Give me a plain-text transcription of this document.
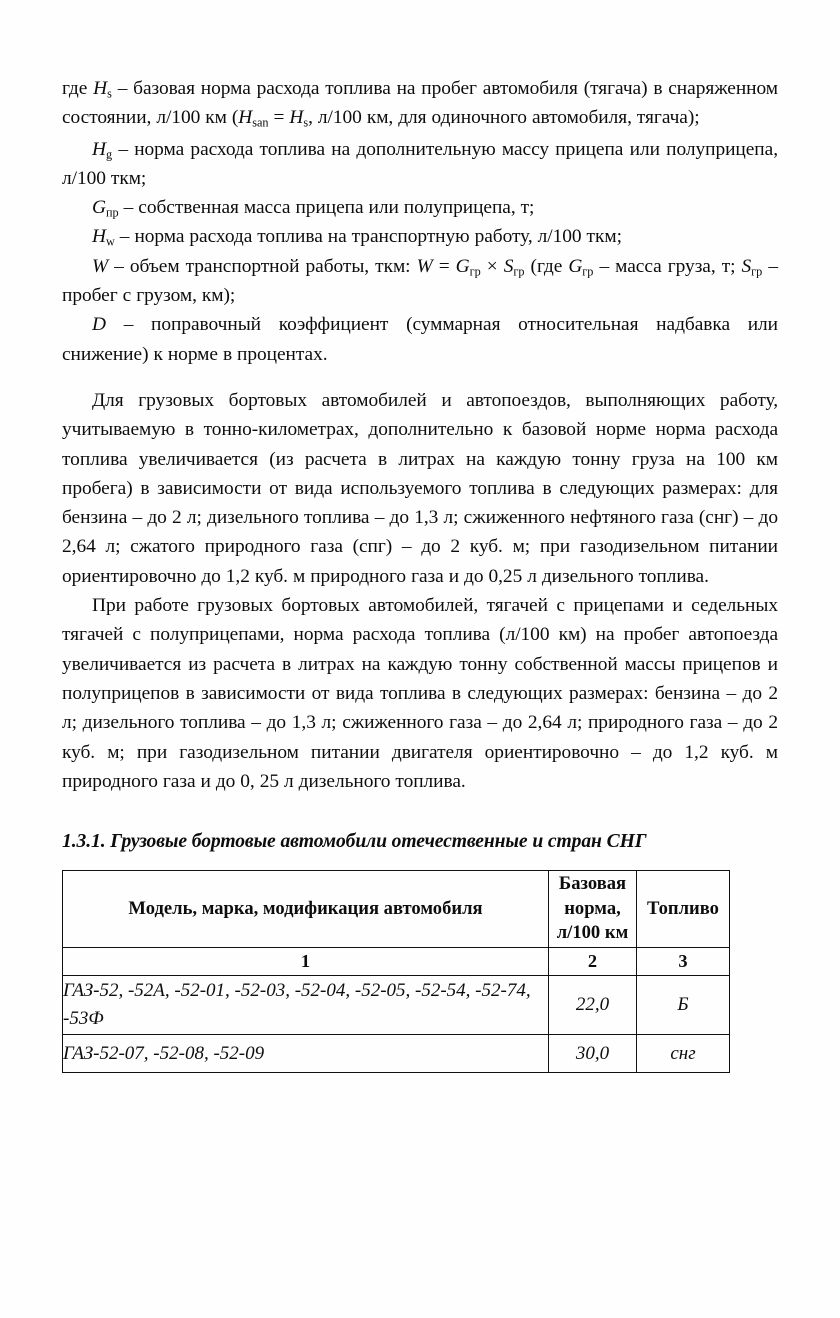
где $H_s$ – базовая норма расхода топлива на пробег автомобиля (тягача) в снаряженном состоянии, л/100 км ($H_{san} = H_s$, л/100 км, для одиночного автомобиля, тягача);

$H_g$ – норма расхода топлива на дополнительную массу прицепа или полуприцепа, л/100 ткм;

$G_{пр}$ – собственная масса прицепа или полуприцепа, т;

$H_w$ – норма расхода топлива на транспортную работу, л/100 ткм;

W – объем транспортной работы, ткм: $W = G_{гр} \times S_{гр}$ (где $G_{гр}$ – масса груза, т; $S_{гр}$ – пробег с грузом, км);

D – поправочный коэффициент (суммарная относительная надбавка или снижение) к норме в процентах.

Для грузовых бортовых автомобилей и автопоездов, выполняющих работу, учитываемую в тонно-километрах, дополнительно к базовой норме норма расхода топлива увеличивается (из расчета в литрах на каждую тонну груза на 100 км пробега) в зависимости от вида используемого топлива в следующих размерах: для бензина – до 2 л; дизельного топлива – до 1,3 л; сжиженного нефтяного газа (снг) – до 2,64 л; сжатого природного газа (спг) – до 2 куб. м; при газодизельном питании ориентировочно до 1,2 куб. м природного газа и до 0,25 л дизельного топлива.

При работе грузовых бортовых автомобилей, тягачей с прицепами и седельных тягачей с полуприцепами, норма расхода топлива (л/100 км) на пробег автопоезда увеличивается из расчета в литрах на каждую тонну собственной массы прицепов и полуприцепов в зависимости от вида топлива в следующих размерах: бензина – до 2 л; дизельного топлива – до 1,3 л; сжиженного газа – до 2,64 л; природного газа – до 2 куб. м; при газодизельном питании двигателя ориентировочно – до 1,2 куб. м природного газа и до 0, 25 л дизельного топлива.

1.3.1. Грузовые бортовые автомобили отечественные и стран СНГ

Модель, марка, модификация автомобиля	Базовая
норма,
л/100 км	Топливо
1	2	3
ГАЗ-52, -52А, -52-01, -52-03, -52-04, -52-05, -52-54, -52-74, -53Ф	22,0	Б
ГАЗ-52-07, -52-08, -52-09	30,0	снг
